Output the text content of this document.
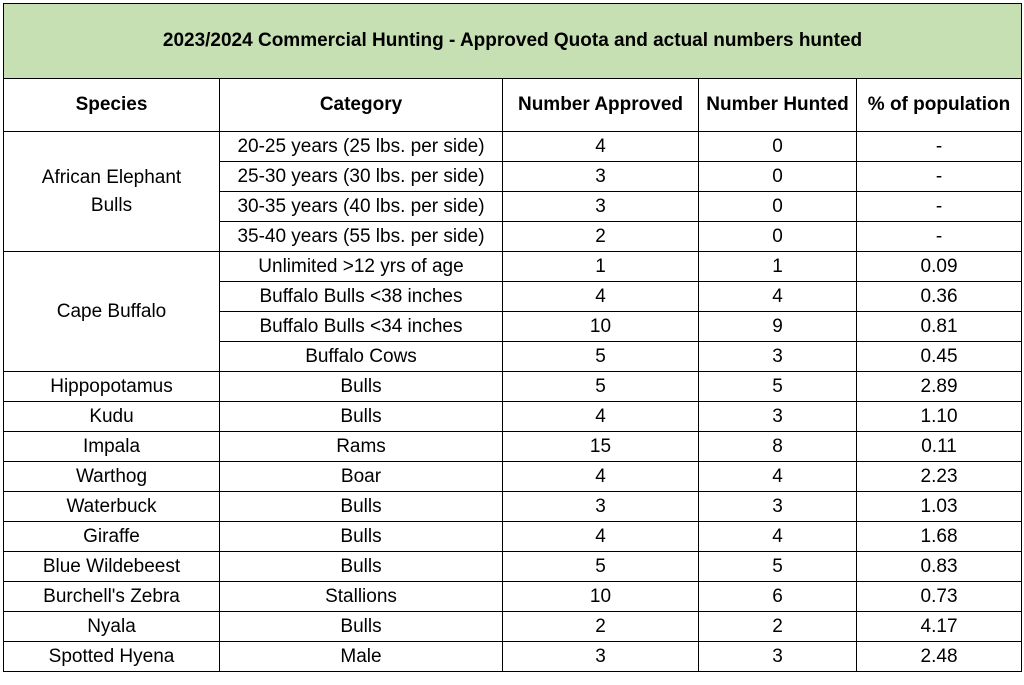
2023/2024 Commercial Hunting - Approved Quota and actual numbers hunted				
Species	Category	Number Approved	Number Hunted	% of population
African Elephant Bulls	20-25 years (25 lbs. per side)	4	0	-
	25-30 years (30 lbs. per side)	3	0	-
	30-35 years (40 lbs. per side)	3	0	-
	35-40 years (55 lbs. per side)	2	0	-
Cape Buffalo	Unlimited >12 yrs of age	1	1	0.09
	Buffalo Bulls <38 inches	4	4	0.36
	Buffalo Bulls <34 inches	10	9	0.81
	Buffalo Cows	5	3	0.45
Hippopotamus	Bulls	5	5	2.89
Kudu	Bulls	4	3	1.10
Impala	Rams	15	8	0.11
Warthog	Boar	4	4	2.23
Waterbuck	Bulls	3	3	1.03
Giraffe	Bulls	4	4	1.68
Blue Wildebeest	Bulls	5	5	0.83
Burchell's Zebra	Stallions	10	6	0.73
Nyala	Bulls	2	2	4.17
Spotted Hyena	Male	3	3	2.48
